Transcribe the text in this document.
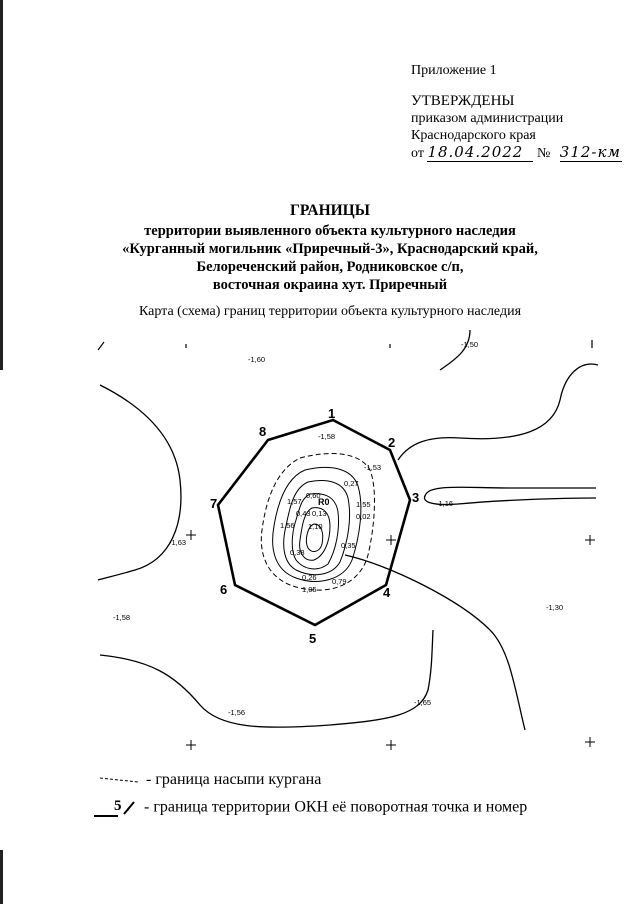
Приложение 1
УТВЕРЖДЕНЫ
приказом администрации
Краснодарского края
от 18.04.2022 № 312-км
ГРАНИЦЫ
территории выявленного объекта культурного наследия
«Курганный могильник «Приречный-3», Краснодарский край,
Белореченский район, Родниковское с/п,
восточная окраина хут. Приречный
Карта (схема) границ территории объекта культурного наследия
1
2
3
4
5
6
7
8
-1,50
-1,60
-1,58
-1,53
-1,16
-1,63
-1,58
-1,30
-1,56
-1,65
0,27
1,55
0,02
0,60
R0
1,57
1,56
0,38
0,35
0,26 0,79
1,05
0,13
0,43
1,10
- граница насыпи кургана
5 - граница территории ОКН её поворотная точка и номер
